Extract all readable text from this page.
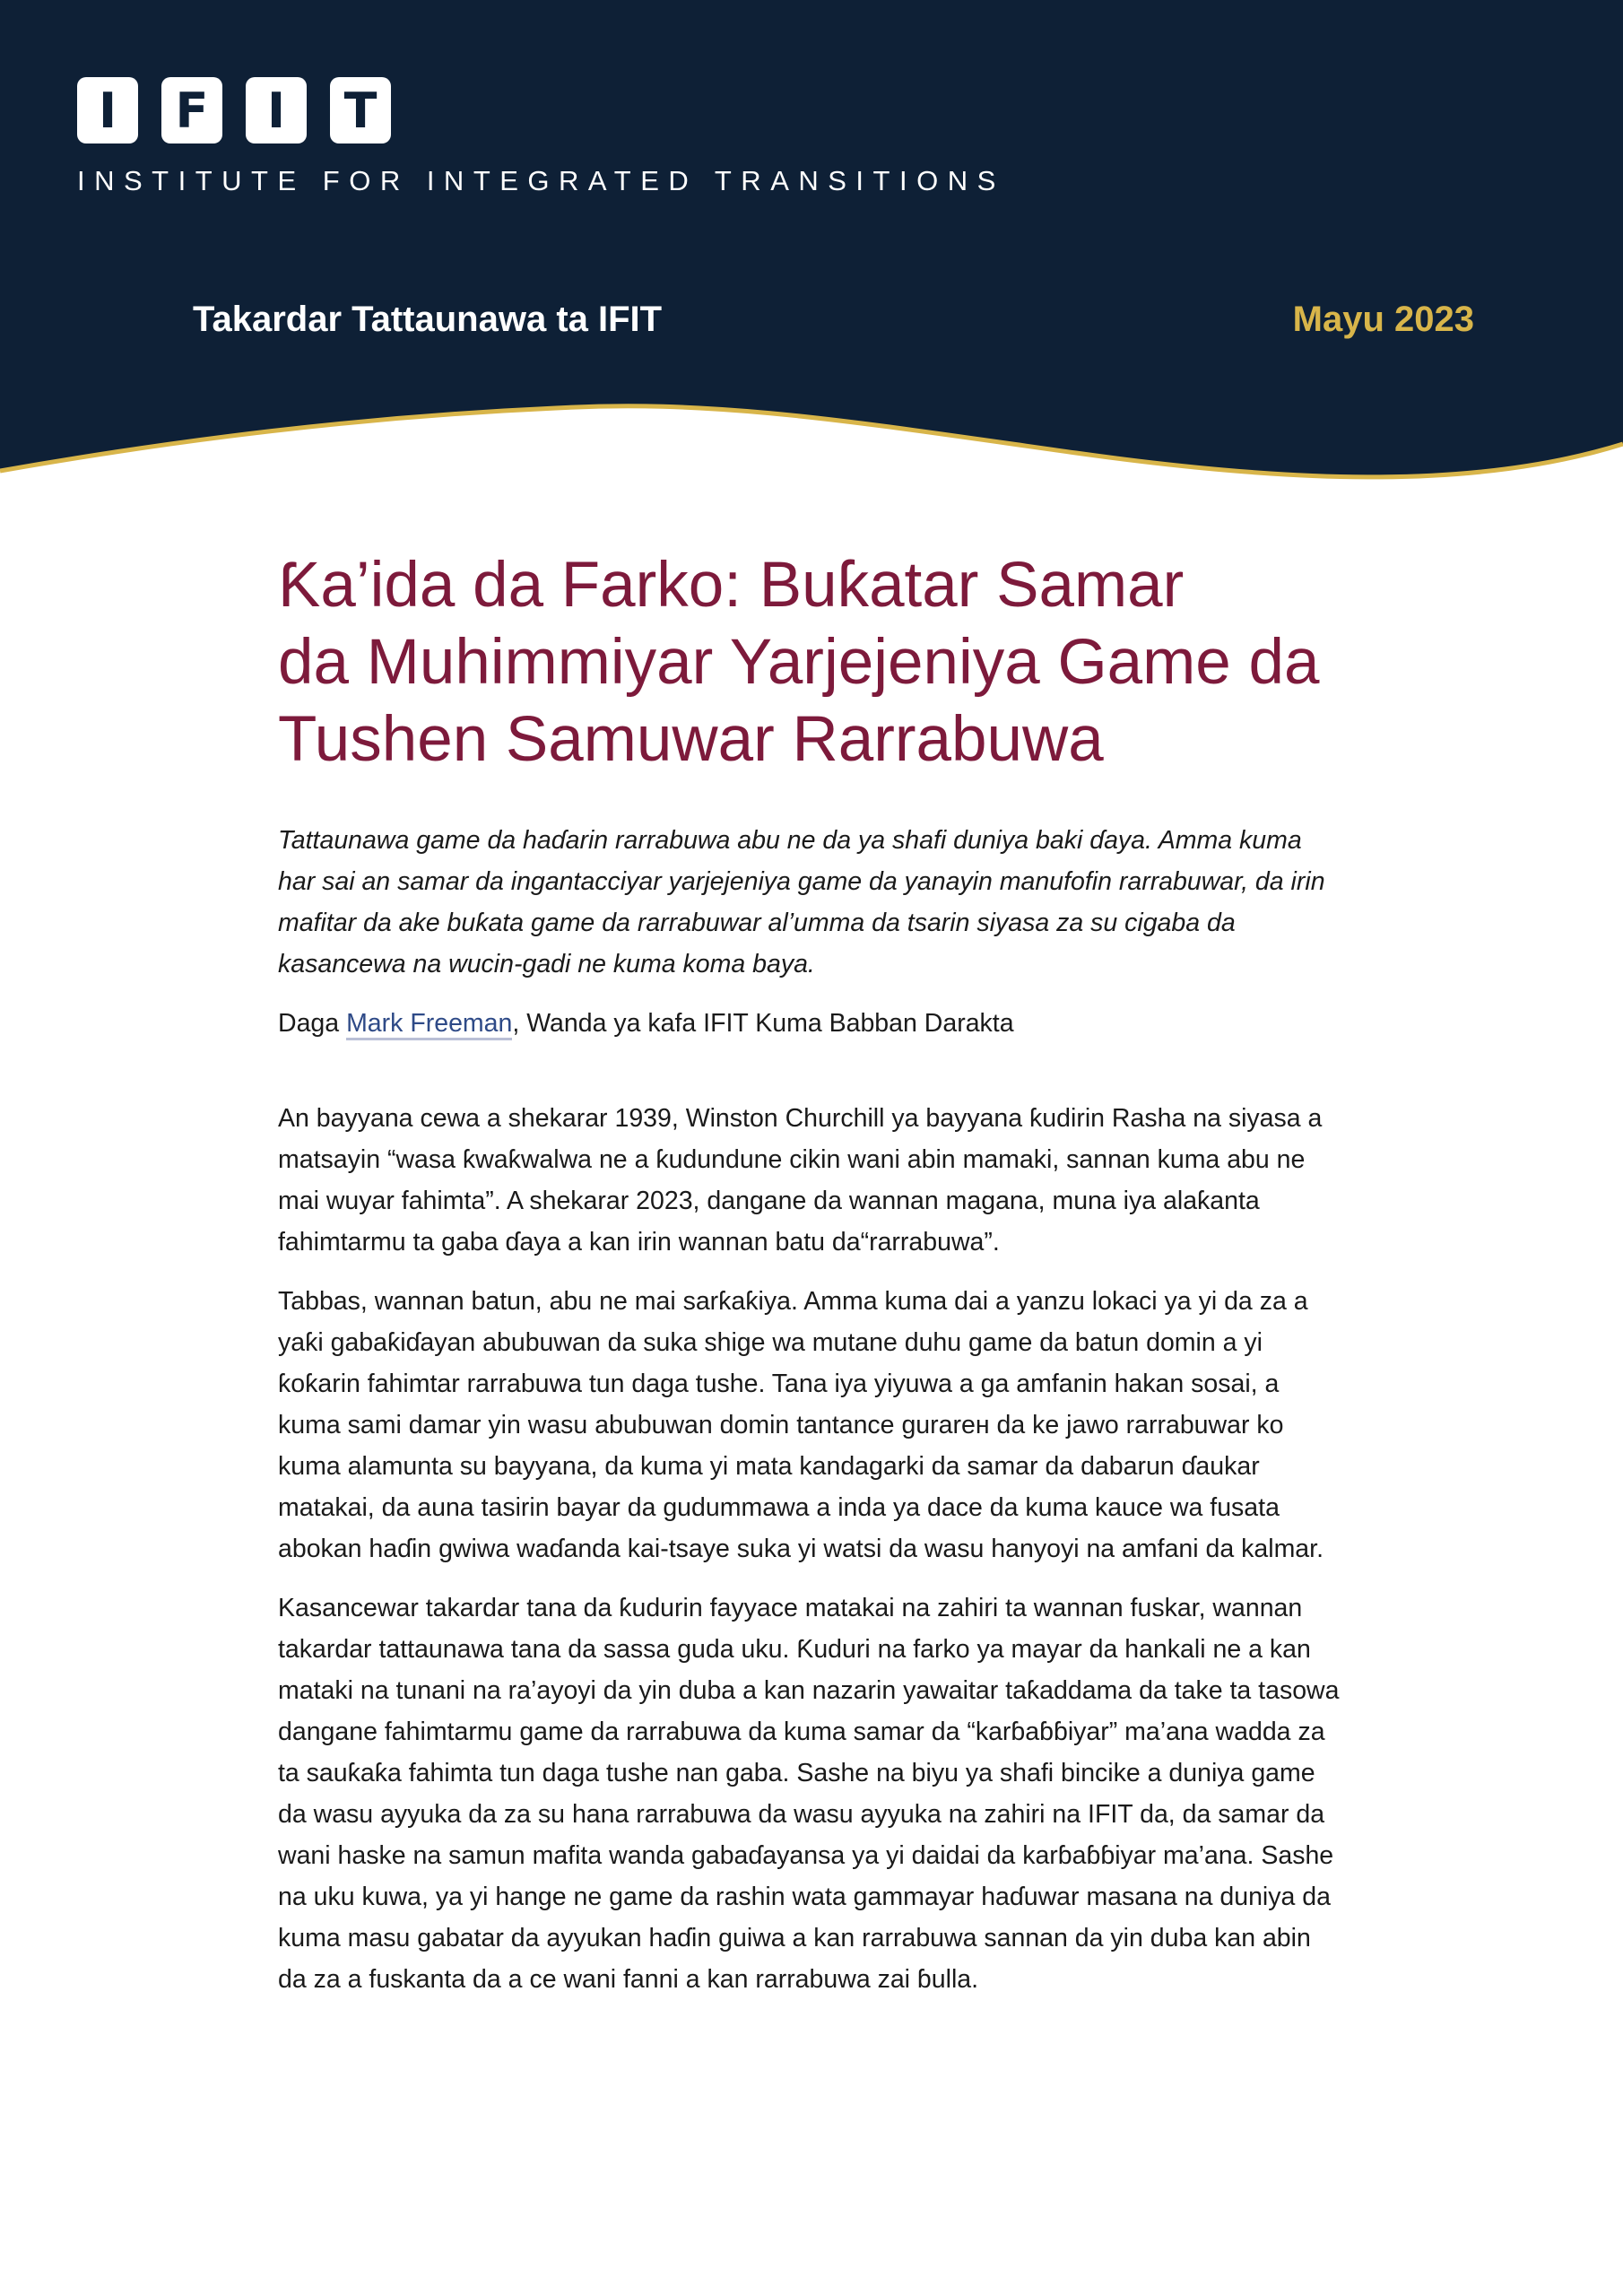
I	F	I	T
INSTITUTE FOR INTEGRATED TRANSITIONS
Takardar Tattaunawa ta IFIT	Mayu 2023
Ƙa’ida da Farko: Buƙatar Samar
da Muhimmiyar Yarjejeniya Game da
Tushen Samuwar Rarrabuwa

Tattaunawa game da haɗarin rarrabuwa abu ne da ya shafi duniya baki ɗaya. Amma kuma har sai an samar da ingantacciyar yarjejeniya game da yanayin manufofin rarrabuwar, da irin mafitar da ake buƙata game da rarrabuwar al’umma da tsarin siyasa za su cigaba da kasancewa na wucin-gadi ne kuma koma baya.

Daga Mark Freeman, Wanda ya kafa IFIT Kuma Babban Darakta

An bayyana cewa a shekarar 1939, Winston Churchill ya bayyana ƙudirin Rasha na siyasa a matsayin “wasa ƙwaƙwalwa ne a ƙudundune cikin wani abin mamaki, sannan kuma abu ne mai wuyar fahimta”. A shekarar 2023, dangane da wannan magana, muna iya alaƙanta fahimtarmu ta gaba ɗaya a kan irin wannan batu da“rarrabuwa”.

Tabbas, wannan batun, abu ne mai sarƙaƙiya. Amma kuma dai a yanzu lokaci ya yi da za a yaƙi gabaƙiɗayan abubuwan da suka shige wa mutane duhu game da batun domin a yi ƙoƙarin fahimtar rarrabuwa tun daga tushe. Tana iya yiyuwa a ga amfanin hakan sosai, a kuma sami damar yin wasu abubuwan domin tantance gurarен da ke jawo rarrabuwar ko kuma alamunta su bayyana, da kuma yi mata kandagarki da samar da dabarun ɗaukar matakai, da auna tasirin bayar da gudummawa a inda ya dace da kuma kauce wa fusata abokan haɗin gwiwa waɗanda kai-tsaye suka yi watsi da wasu hanyoyi na amfani da kalmar.

Kasancewar takardar tana da ƙudurin fayyace matakai na zahiri ta wannan fuskar, wannan takardar tattaunawa tana da sassa guda uku. Ƙuduri na farko ya mayar da hankali ne a kan mataki na tunani na ra’ayoyi da yin duba a kan nazarin yawaitar taƙaddama da take ta tasowa dangane fahimtarmu game da rarrabuwa da kuma samar da “karɓaɓɓiyar” ma’ana wadda za ta sauƙaƙa fahimta tun daga tushe nan gaba. Sashe na biyu ya shafi bincike a duniya game da wasu ayyuka da za su hana rarrabuwa da wasu ayyuka na zahiri na IFIT da, da samar da wani haske na samun mafita wanda gabaɗayansa ya yi daidai da karɓaɓɓiyar ma’ana. Sashe na uku kuwa, ya yi hange ne game da rashin wata gammayar haɗuwar masana na duniya da kuma masu gabatar da ayyukan haɗin guiwa a kan rarrabuwa sannan da yin duba kan abin da za a fuskanta da a ce wani fanni a kan rarrabuwa zai ɓulla.
